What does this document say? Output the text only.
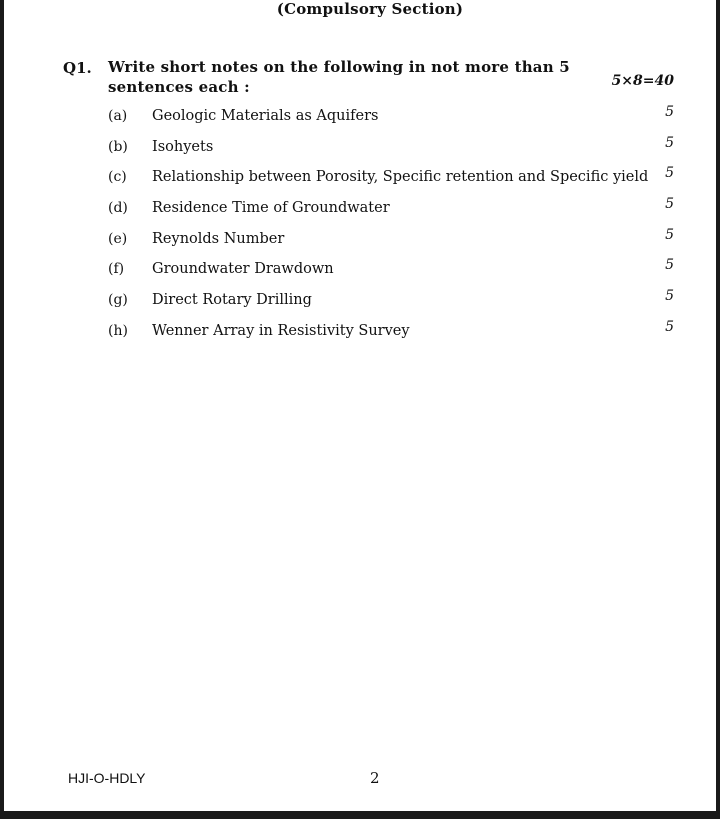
(Compulsory Section)
Q1. Write short notes on the following in not more than 5 sentences each :	5×8=40
(a) Geologic Materials as Aquifers	5
(b) Isohyets	5
(c) Relationship between Porosity, Specific retention and Specific yield 5
(d) Residence Time of Groundwater	5
(e) Reynolds Number	5
(f) Groundwater Drawdown	5
(g) Direct Rotary Drilling	5
(h) Wenner Array in Resistivity Survey	5
HJI-O-HDLY	2
